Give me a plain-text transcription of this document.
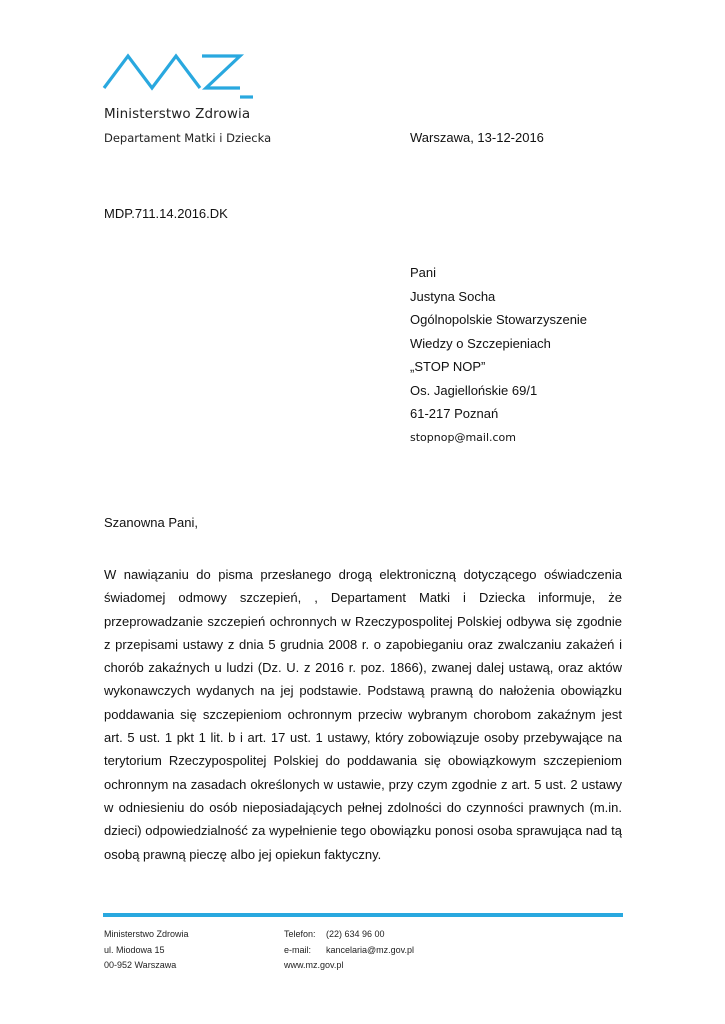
Ministerstwo Zdrowia
Departament Matki i Dziecka	Warszawa, 13-12-2016
MDP.711.14.2016.DK
Pani
Justyna Socha
Ogólnopolskie Stowarzyszenie
Wiedzy o Szczepieniach
„STOP NOP”
Os. Jagiellońskie 69/1
61-217 Poznań
stopnop@mail.com
Szanowna Pani,
W nawiązaniu do pisma przesłanego drogą elektroniczną dotyczącego oświadczenia świadomej odmowy szczepień, , Departament Matki i Dziecka informuje, że przeprowadzanie szczepień ochronnych w Rzeczypospolitej Polskiej odbywa się zgodnie z przepisami ustawy z dnia 5 grudnia 2008 r. o zapobieganiu oraz zwalczaniu zakażeń i chorób zakaźnych u ludzi (Dz. U. z 2016 r. poz. 1866), zwanej dalej ustawą, oraz aktów wykonawczych wydanych na jej podstawie. Podstawą prawną do nałożenia obowiązku poddawania się szczepieniom ochronnym przeciw wybranym chorobom zakaźnym jest art. 5 ust. 1 pkt 1 lit. b i art. 17 ust. 1 ustawy, który zobowiązuje osoby przebywające na terytorium Rzeczypospolitej Polskiej do poddawania się obowiązkowym szczepieniom ochronnym na zasadach określonych w ustawie, przy czym zgodnie z art. 5 ust. 2 ustawy w odniesieniu do osób nieposiadających pełnej zdolności do czynności prawnych (m.in. dzieci) odpowiedzialność za wypełnienie tego obowiązku ponosi osoba sprawująca nad tą osobą prawną pieczę albo jej opiekun faktyczny.
Ministerstwo Zdrowia
ul. Miodowa 15
00-952 Warszawa
Telefon: (22) 634 96 00
e-mail: kancelaria@mz.gov.pl
www.mz.gov.pl
